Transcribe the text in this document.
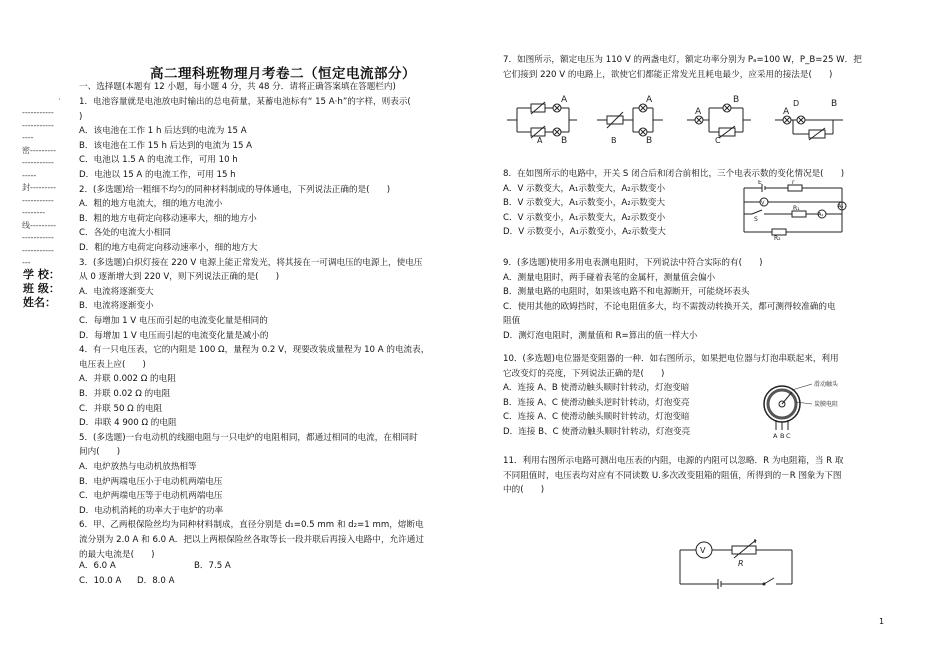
·
-----------
-----------
----
密---------
-----------
-----
封---------
-----------
--------
线---------
-----------
-----------
---
学 校：
班 级：
姓名：
高二理科班物理月考卷二（恒定电流部分）
一、选择题(本题有 12 小题，每小题 4 分，共 48 分．请将正确答案填在答题栏内)
1．电池容量就是电池放电时输出的总电荷量，某蓄电池标有“ 15 A·h”的字样，则表示(
)
A．该电池在工作 1 h 后达到的电流为 15 A
B．该电池在工作 15 h 后达到的电流为 15 A
C．电池以 1.5 A 的电流工作，可用 10 h
D．电池以 15 A 的电流工作，可用 15 h
2．(多选题)给一粗细不均匀的同种材料制成的导体通电，下列说法正确的是(　　)
A．粗的地方电流大，细的地方电流小
B．粗的地方电荷定向移动速率大，细的地方小
C．各处的电流大小相同
D．粗的地方电荷定向移动速率小，细的地方大
3．(多选题)白炽灯接在 220 V 电源上能正常发光，将其接在一可调电压的电源上，使电压
从 0 逐渐增大到 220 V，则下列说法正确的是(　　)
A．电流将逐渐变大
B．电流将逐渐变小
C．每增加 1 V 电压而引起的电流变化量是相同的
D．每增加 1 V 电压而引起的电流变化量是减小的
4．有一只电压表，它的内阻是 100 Ω，量程为 0.2 V，现要改装成量程为 10 A 的电流表，
电压表上应(　　)
A．并联 0.002 Ω 的电阻
B．并联 0.02 Ω 的电阻
C．并联 50 Ω 的电阻
D．串联 4 900 Ω 的电阻
5．(多选题)一台电动机的线圈电阻与一只电炉的电阻相同，都通过相同的电流，在相同时
间内(　　)
A．电炉放热与电动机放热相等
B．电炉两端电压小于电动机两端电压
C．电炉两端电压等于电动机两端电压
D．电动机消耗的功率大于电炉的功率
6．甲、乙两根保险丝均为同种材料制成，直径分别是 d₁=0.5 mm 和 d₂=1 mm，熔断电
流分别为 2.0 A 和 6.0 A．把以上两根保险丝各取等长一段并联后再接入电路中，允许通过
的最大电流是(　　)
A．6.0 A	B．7.5 A
C．10.0 A D．8.0 A
7．如图所示，额定电压为 110 V 的两盏电灯，额定功率分别为 Pₐ=100 W，P_B=25 W．把
它们接到 220 V 的电路上，欲使它们都能正常发光且耗电最少，应采用的接法是(　　)
A
B
A
A
B
B
A
B
C
A
B
D
8．在如图所示的电路中，开关 S 闭合后和闭合前相比，三个电表示数的变化情况是(　　)
A．V 示数变大，A₁示数变大，A₂示数变小
B．V 示数变大，A₁示数变小，A₂示数变大
C．V 示数变小，A₁示数变大，A₂示数变小
D．V 示数变小，A₁示数变小，A₂示数变大
E	r
V
S
R₁
A₁
A₂
R₂
9．(多选题)使用多用电表测电阻时，下列说法中符合实际的有(　　)
A．测量电阻时，两手碰着表笔的金属杆，测量值会偏小
B．测量电路的电阻时，如果该电路不和电源断开，可能烧坏表头
C．使用其他的欧姆挡时，不论电阻值多大，均不需拨动转换开关，都可测得较准确的电
阻值
D．测灯泡电阻时，测量值和 R=算出的值一样大小
10．(多选题)电位器是变阻器的一种．如右图所示，如果把电位器与灯泡串联起来，利用
它改变灯的亮度，下列说法正确的是(　　)
A．连接 A、B 使滑动触头顺时针转动，灯泡变暗
B．连接 A、C 使滑动触头逆时针转动，灯泡变亮
C．连接 A、C 使滑动触头顺时针转动，灯泡变暗
D．连接 B、C 使滑动触头顺时针转动，灯泡变亮
滑动触头
炭膜电阻
A B C
11．利用右图所示电路可测出电压表的内阻，电源的内阻可以忽略．R 为电阻箱，当 R 取
不同阻值时，电压表均对应有不同读数 U.多次改变阻箱的阻值，所得到的－R 图象为下图
中的(　　)
V
R
1
